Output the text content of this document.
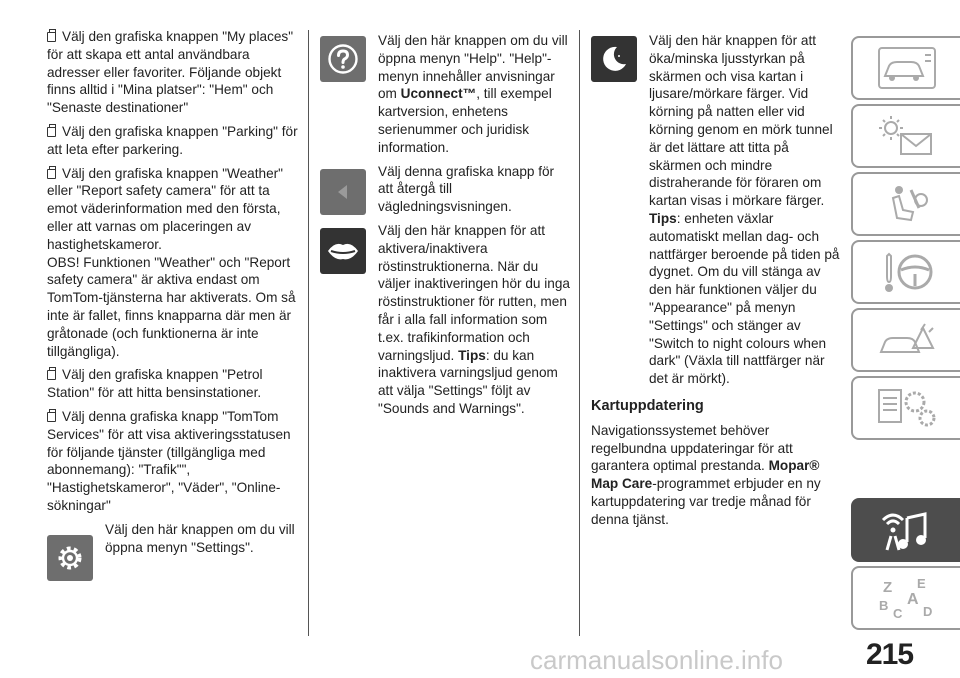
Välj den grafiska knappen "My places" för att skapa ett antal användbara adresser eller favoriter. Följande objekt finns alltid i "Mina platser": "Hem" och "Senaste destinationer"

Välj den grafiska knappen "Parking" för att leta efter parkering.

Välj den grafiska knappen "Weather" eller "Report safety camera" för att ta emot väderinformation med den första, eller att varnas om placeringen av hastighetskameror.

OBS! Funktionen "Weather" och "Report safety camera" är aktiva endast om TomTom-tjänsterna har aktiverats. Om så inte är fallet, finns knapparna där men är gråtonade (och funktionerna är inte tillgängliga).

Välj den grafiska knappen "Petrol Station" för att hitta bensinstationer.

Välj denna grafiska knapp "TomTom Services" för att visa aktiveringsstatusen för följande tjänster (tillgängliga med abonnemang): "Trafik"", "Hastighetskameror", "Väder", "Online-sökningar"

Välj den här knappen om du vill öppna menyn "Settings".
Välj den här knappen om du vill öppna menyn "Help". "Help"-menyn innehåller anvisningar om Uconnect™, till exempel kartversion, enhetens serienummer och juridisk information.
Välj denna grafiska knapp för att återgå till vägledningsvisningen.
Välj den här knappen för att aktivera/inaktivera röstinstruktionerna. När du väljer inaktiveringen hör du inga röstinstruktioner för rutten, men får i alla fall information som t.ex. trafikinformation och varningsljud. Tips: du kan inaktivera varningsljud genom att välja "Settings" följt av "Sounds and Warnings".
Välj den här knappen för att öka/minska ljusstyrkan på skärmen och visa kartan i ljusare/mörkare färger. Vid körning på natten eller vid körning genom en mörk tunnel är det lättare att titta på skärmen och mindre distraherande för föraren om kartan visas i mörkare färger. Tips: enheten växlar automatiskt mellan dag- och nattfärger beroende på tiden på dygnet. Om du vill stänga av den här funktionen väljer du "Appearance" på menyn "Settings" och stänger av "Switch to night colours when dark" (Växla till nattfärger när det är mörkt).
Kartuppdatering

Navigationssystemet behöver regelbundna uppdateringar för att garantera optimal prestanda. Mopar® Map Care-programmet erbjuder en ny kartuppdatering var tredje månad för denna tjänst.

Z E
A
B
C D
carmanualsonline.info	215
